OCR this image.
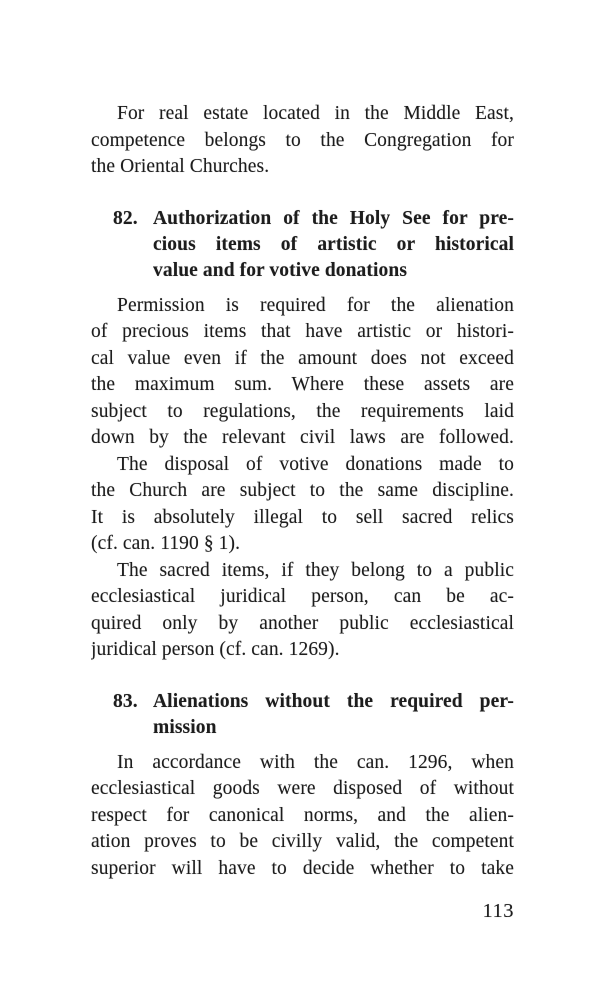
For real estate located in the Middle East,
competence belongs to the Congregation for
the Oriental Churches.
82. Authorization of the Holy See for pre-
cious items of artistic or historical
value and for votive donations
Permission is required for the alienation
of precious items that have artistic or histori-
cal value even if the amount does not exceed
the maximum sum. Where these assets are
subject to regulations, the requirements laid
down by the relevant civil laws are followed.
The disposal of votive donations made to
the Church are subject to the same discipline.
It is absolutely illegal to sell sacred relics
(cf. can. 1190 § 1).
The sacred items, if they belong to a public
ecclesiastical juridical person, can be ac-
quired only by another public ecclesiastical
juridical person (cf. can. 1269).
83. Alienations without the required per-
mission
In accordance with the can. 1296, when
ecclesiastical goods were disposed of without
respect for canonical norms, and the alien-
ation proves to be civilly valid, the competent
superior will have to decide whether to take
113
